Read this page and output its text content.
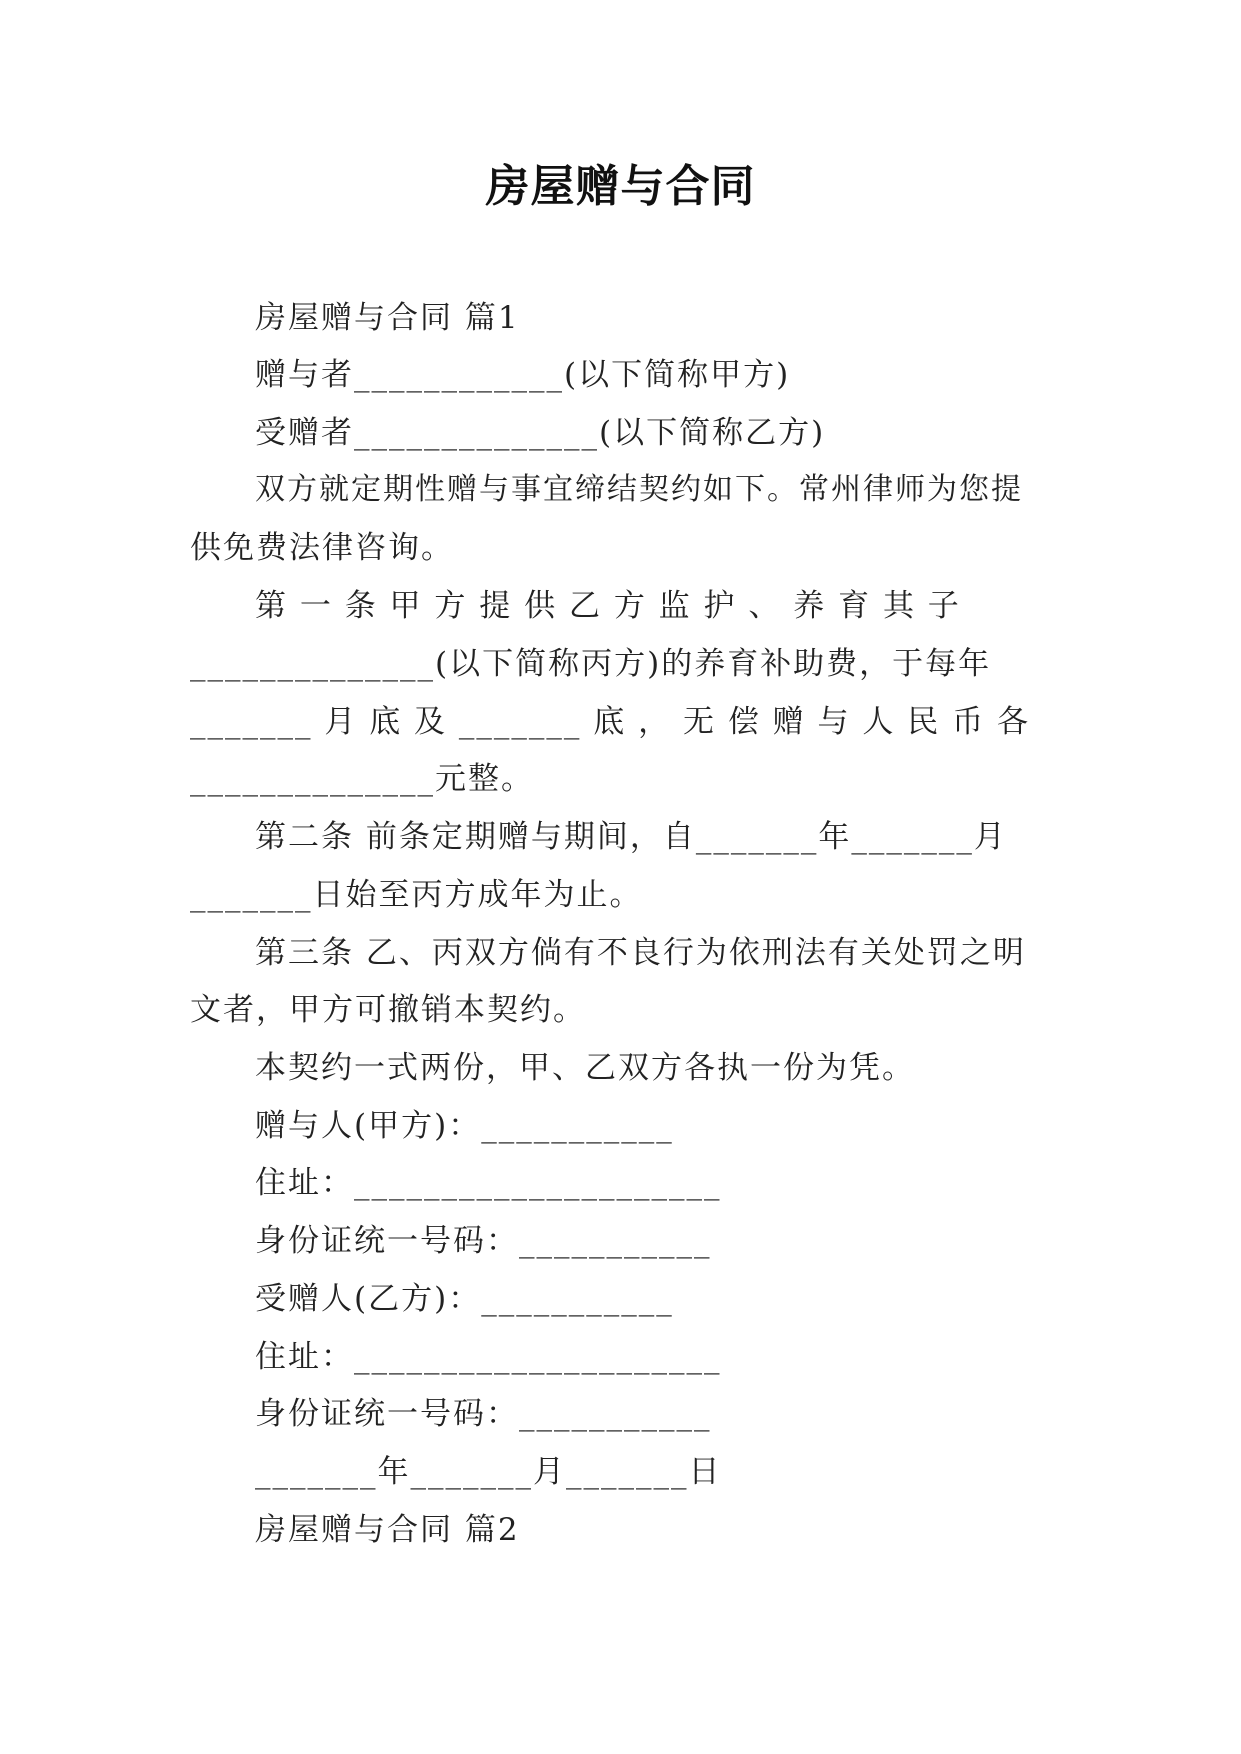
房屋赠与合同
房屋赠与合同 篇1
赠与者____________(以下简称甲方)
受赠者______________(以下简称乙方)
双方就定期性赠与事宜缔结契约如下。常州律师为您提
供免费法律咨询。
第 一 条 甲 方 提 供 乙 方 监 护 、 养 育 其 子
______________(以下简称丙方)的养育补助费，于每年
_______ 月 底 及 _______ 底 ， 无 偿 赠 与 人 民 币 各
______________元整。
第二条 前条定期赠与期间，自_______年_______月
_______日始至丙方成年为止。
第三条 乙、丙双方倘有不良行为依刑法有关处罚之明
文者，甲方可撤销本契约。
本契约一式两份，甲、乙双方各执一份为凭。
赠与人(甲方)：___________
住址：_____________________
身份证统一号码：___________
受赠人(乙方)：___________
住址：_____________________
身份证统一号码：___________
_______年_______月_______日
房屋赠与合同 篇2
